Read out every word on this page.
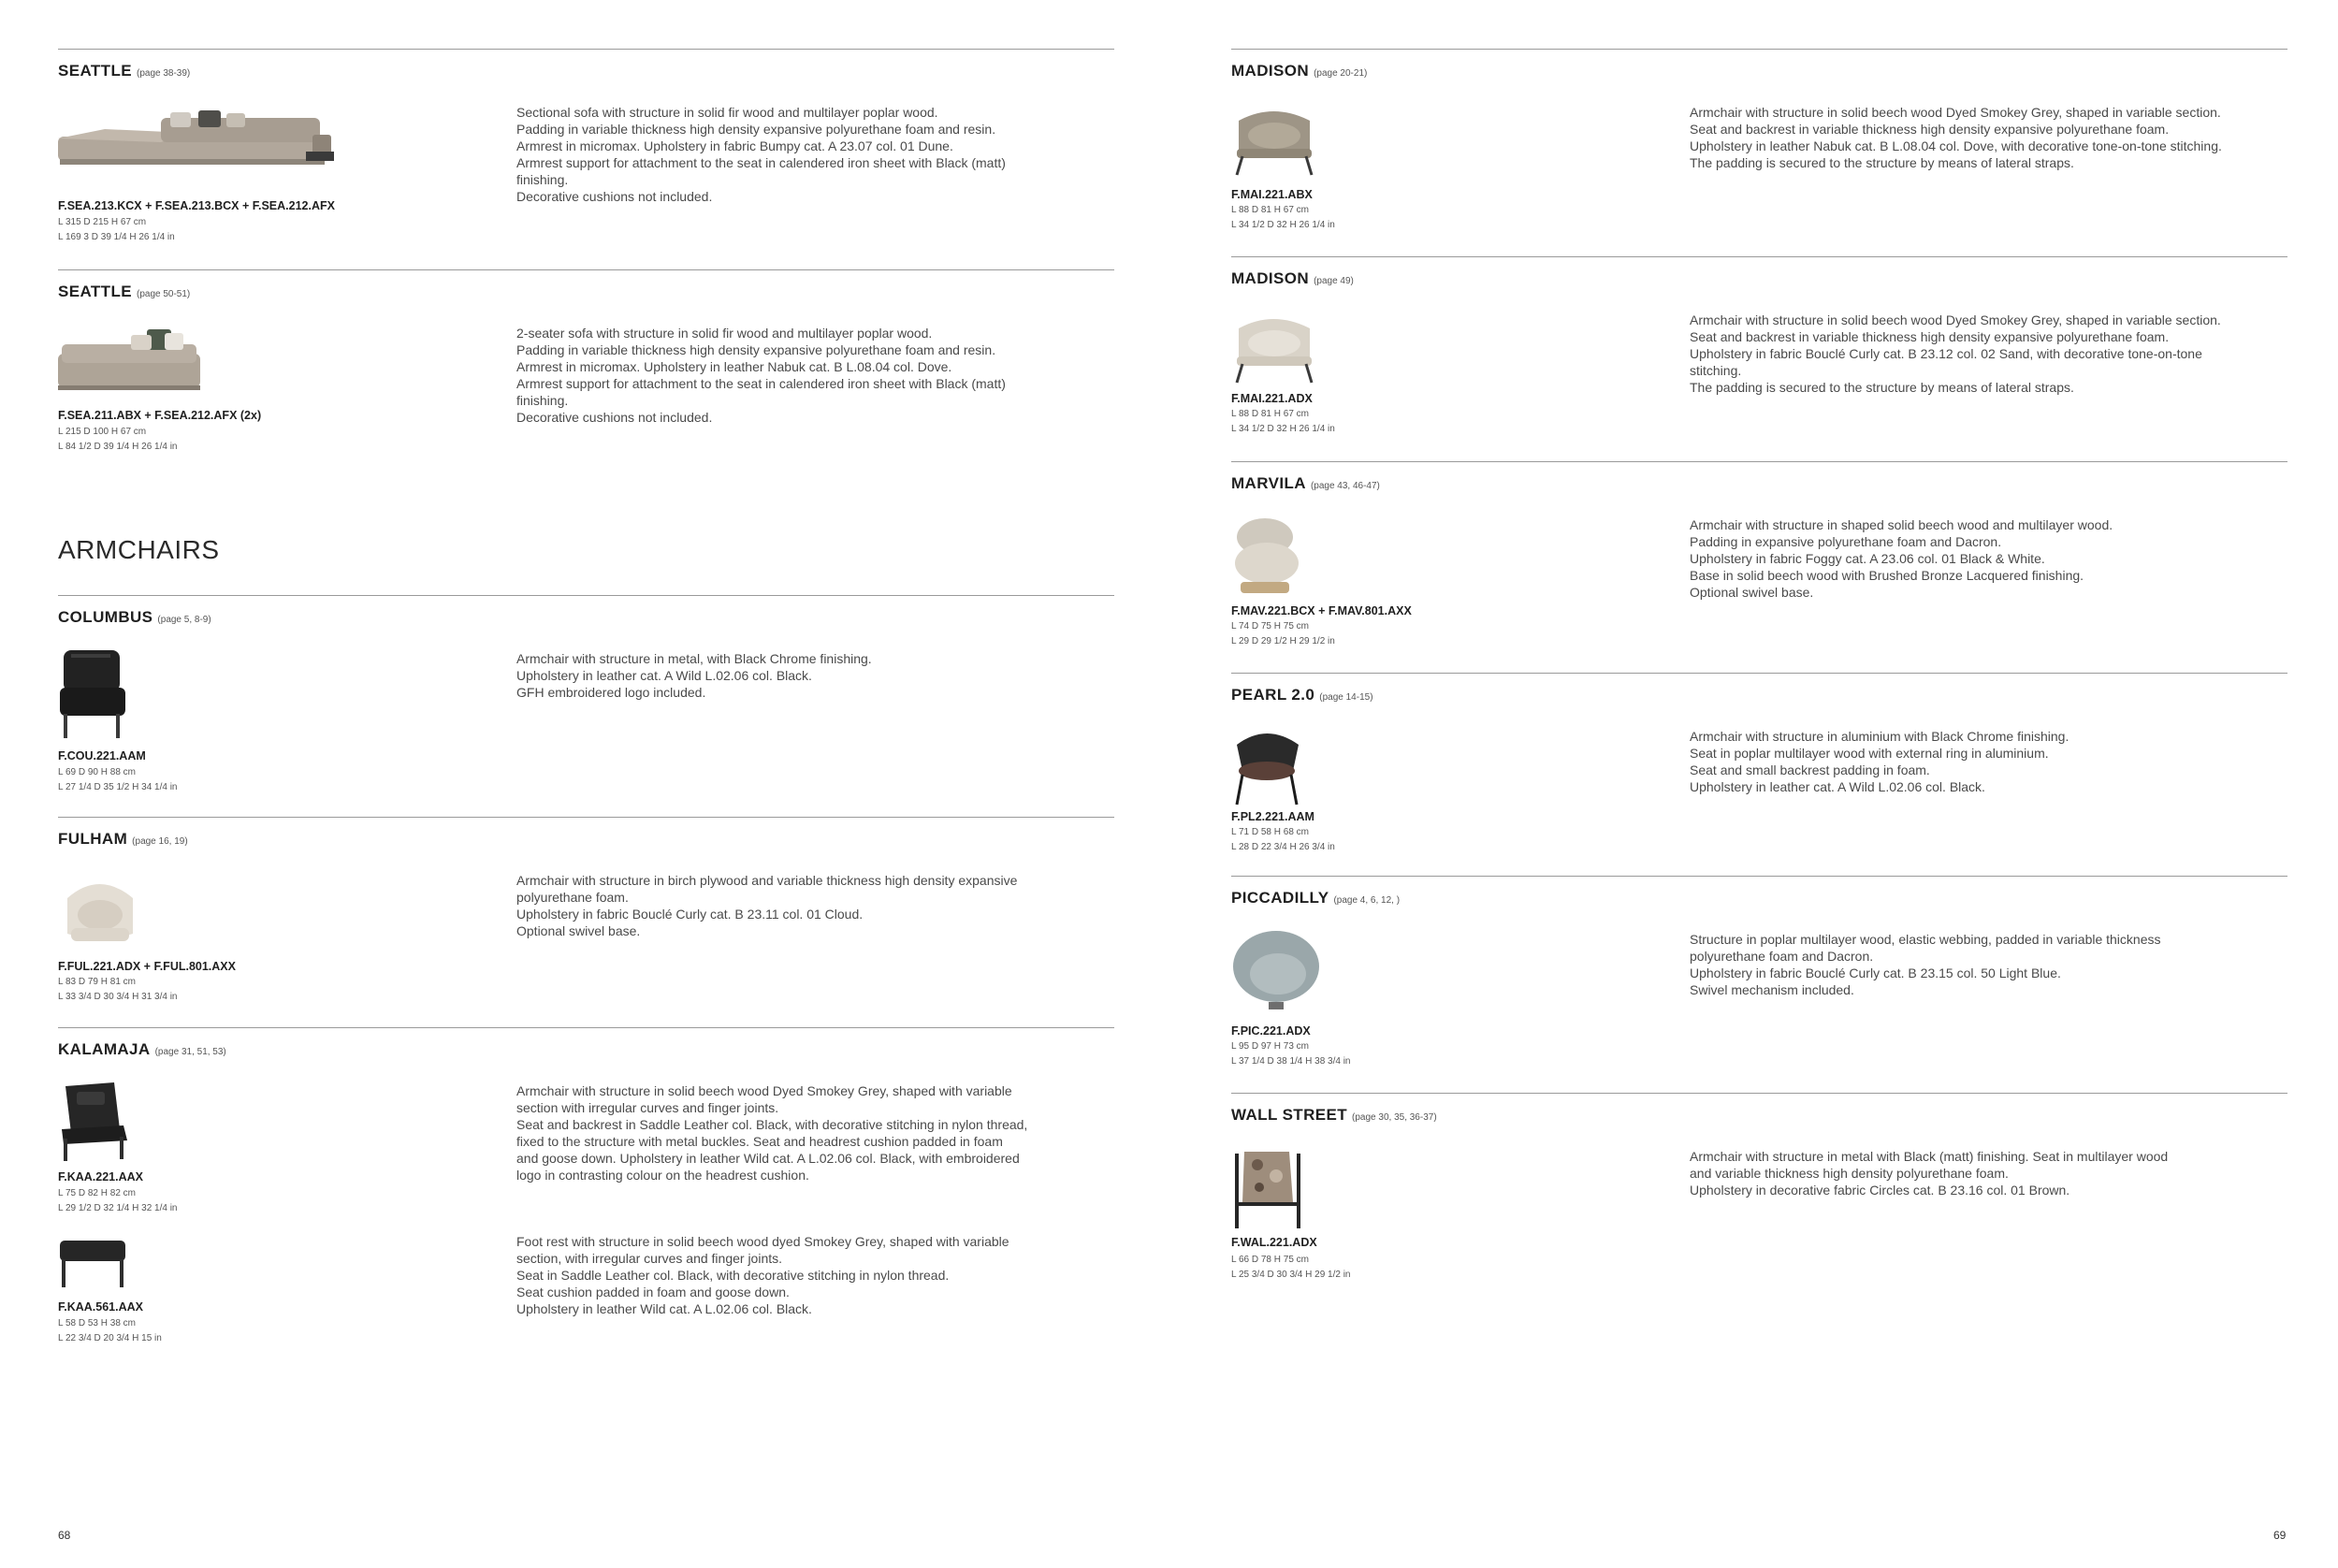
SEATTLE (page 38-39)
F.SEA.213.KCX + F.SEA.213.BCX + F.SEA.212.AFX
L 315 D 215 H 67 cm
L 169 3 D 39 1/4 H 26 1/4 in
Sectional sofa with structure in solid fir wood and multilayer poplar wood.
Padding in variable thickness high density expansive polyurethane foam and resin.
Armrest in micromax. Upholstery in fabric Bumpy cat. A 23.07 col. 01 Dune.
Armrest support for attachment to the seat in calendered iron sheet with Black (matt)
finishing.
Decorative cushions not included.
SEATTLE (page 50-51)
F.SEA.211.ABX + F.SEA.212.AFX (2x)
L 215 D 100 H 67 cm
L 84 1/2 D 39 1/4 H 26 1/4 in
2-seater sofa with structure in solid fir wood and multilayer poplar wood.
Padding in variable thickness high density expansive polyurethane foam and resin.
Armrest in micromax. Upholstery in leather Nabuk cat. B L.08.04 col. Dove.
Armrest support for attachment to the seat in calendered iron sheet with Black (matt)
finishing.
Decorative cushions not included.
ARMCHAIRS
COLUMBUS (page 5, 8-9)
F.COU.221.AAM
L 69 D 90 H 88 cm
L 27 1/4 D 35 1/2 H 34 1/4 in
Armchair with structure in metal, with Black Chrome finishing.
Upholstery in leather cat. A Wild L.02.06 col. Black.
GFH embroidered logo included.
FULHAM (page 16, 19)
F.FUL.221.ADX + F.FUL.801.AXX
L 83 D 79 H 81 cm
L 33 3/4 D 30 3/4 H 31 3/4 in
Armchair with structure in birch plywood and variable thickness high density expansive
polyurethane foam.
Upholstery in fabric Bouclé Curly cat. B 23.11 col. 01 Cloud.
Optional swivel base.
KALAMAJA (page 31, 51, 53)
F.KAA.221.AAX
L 75 D 82 H 82 cm
L 29 1/2 D 32 1/4 H 32 1/4 in
Armchair with structure in solid beech wood Dyed Smokey Grey, shaped with variable
section with irregular curves and finger joints.
Seat and backrest in Saddle Leather col. Black, with decorative stitching in nylon thread,
fixed to the structure with metal buckles. Seat and headrest cushion padded in foam
and goose down. Upholstery in leather Wild cat. A L.02.06 col. Black, with embroidered
logo in contrasting colour on the headrest cushion.
F.KAA.561.AAX
L 58 D 53 H 38 cm
L 22 3/4 D 20 3/4 H 15 in
Foot rest with structure in solid beech wood dyed Smokey Grey, shaped with variable
section, with irregular curves and finger joints.
Seat in Saddle Leather col. Black, with decorative stitching in nylon thread.
Seat cushion padded in foam and goose down.
Upholstery in leather Wild cat. A L.02.06 col. Black.
68
MADISON (page 20-21)
F.MAI.221.ABX
L 88 D 81 H 67 cm
L 34 1/2 D 32 H 26 1/4 in
Armchair with structure in solid beech wood Dyed Smokey Grey, shaped in variable section.
Seat and backrest in variable thickness high density expansive polyurethane foam.
Upholstery in leather Nabuk cat. B L.08.04 col. Dove, with decorative tone-on-tone stitching.
The padding is secured to the structure by means of lateral straps.
MADISON (page 49)
F.MAI.221.ADX
L 88 D 81 H 67 cm
L 34 1/2 D 32 H 26 1/4 in
Armchair with structure in solid beech wood Dyed Smokey Grey, shaped in variable section.
Seat and backrest in variable thickness high density expansive polyurethane foam.
Upholstery in fabric Bouclé Curly cat. B 23.12 col. 02 Sand, with decorative tone-on-tone
stitching.
The padding is secured to the structure by means of lateral straps.
MARVILA (page 43, 46-47)
F.MAV.221.BCX + F.MAV.801.AXX
L 74 D 75 H 75 cm
L 29 D 29 1/2 H 29 1/2 in
Armchair with structure in shaped solid beech wood and multilayer wood.
Padding in expansive polyurethane foam and Dacron.
Upholstery in fabric Foggy cat. A 23.06 col. 01 Black & White.
Base in solid beech wood with Brushed Bronze Lacquered finishing.
Optional swivel base.
PEARL 2.0 (page 14-15)
F.PL2.221.AAM
L 71 D 58 H 68 cm
L 28 D 22 3/4 H 26 3/4 in
Armchair with structure in aluminium with Black Chrome finishing.
Seat in poplar multilayer wood with external ring in aluminium.
Seat and small backrest padding in foam.
Upholstery in leather cat. A Wild L.02.06 col. Black.
PICCADILLY (page 4, 6, 12, )
F.PIC.221.ADX
L 95 D 97 H 73 cm
L 37 1/4 D 38 1/4 H 38 3/4 in
Structure in poplar multilayer wood, elastic webbing, padded in variable thickness
polyurethane foam and Dacron.
Upholstery in fabric Bouclé Curly cat. B 23.15 col. 50 Light Blue.
Swivel mechanism included.
WALL STREET (page 30, 35, 36-37)
F.WAL.221.ADX
L 66 D 78 H 75 cm
L 25 3/4 D 30 3/4 H 29 1/2 in
Armchair with structure in metal with Black (matt) finishing. Seat in multilayer wood
and variable thickness high density polyurethane foam.
Upholstery in decorative fabric Circles cat. B 23.16 col. 01 Brown.
69
